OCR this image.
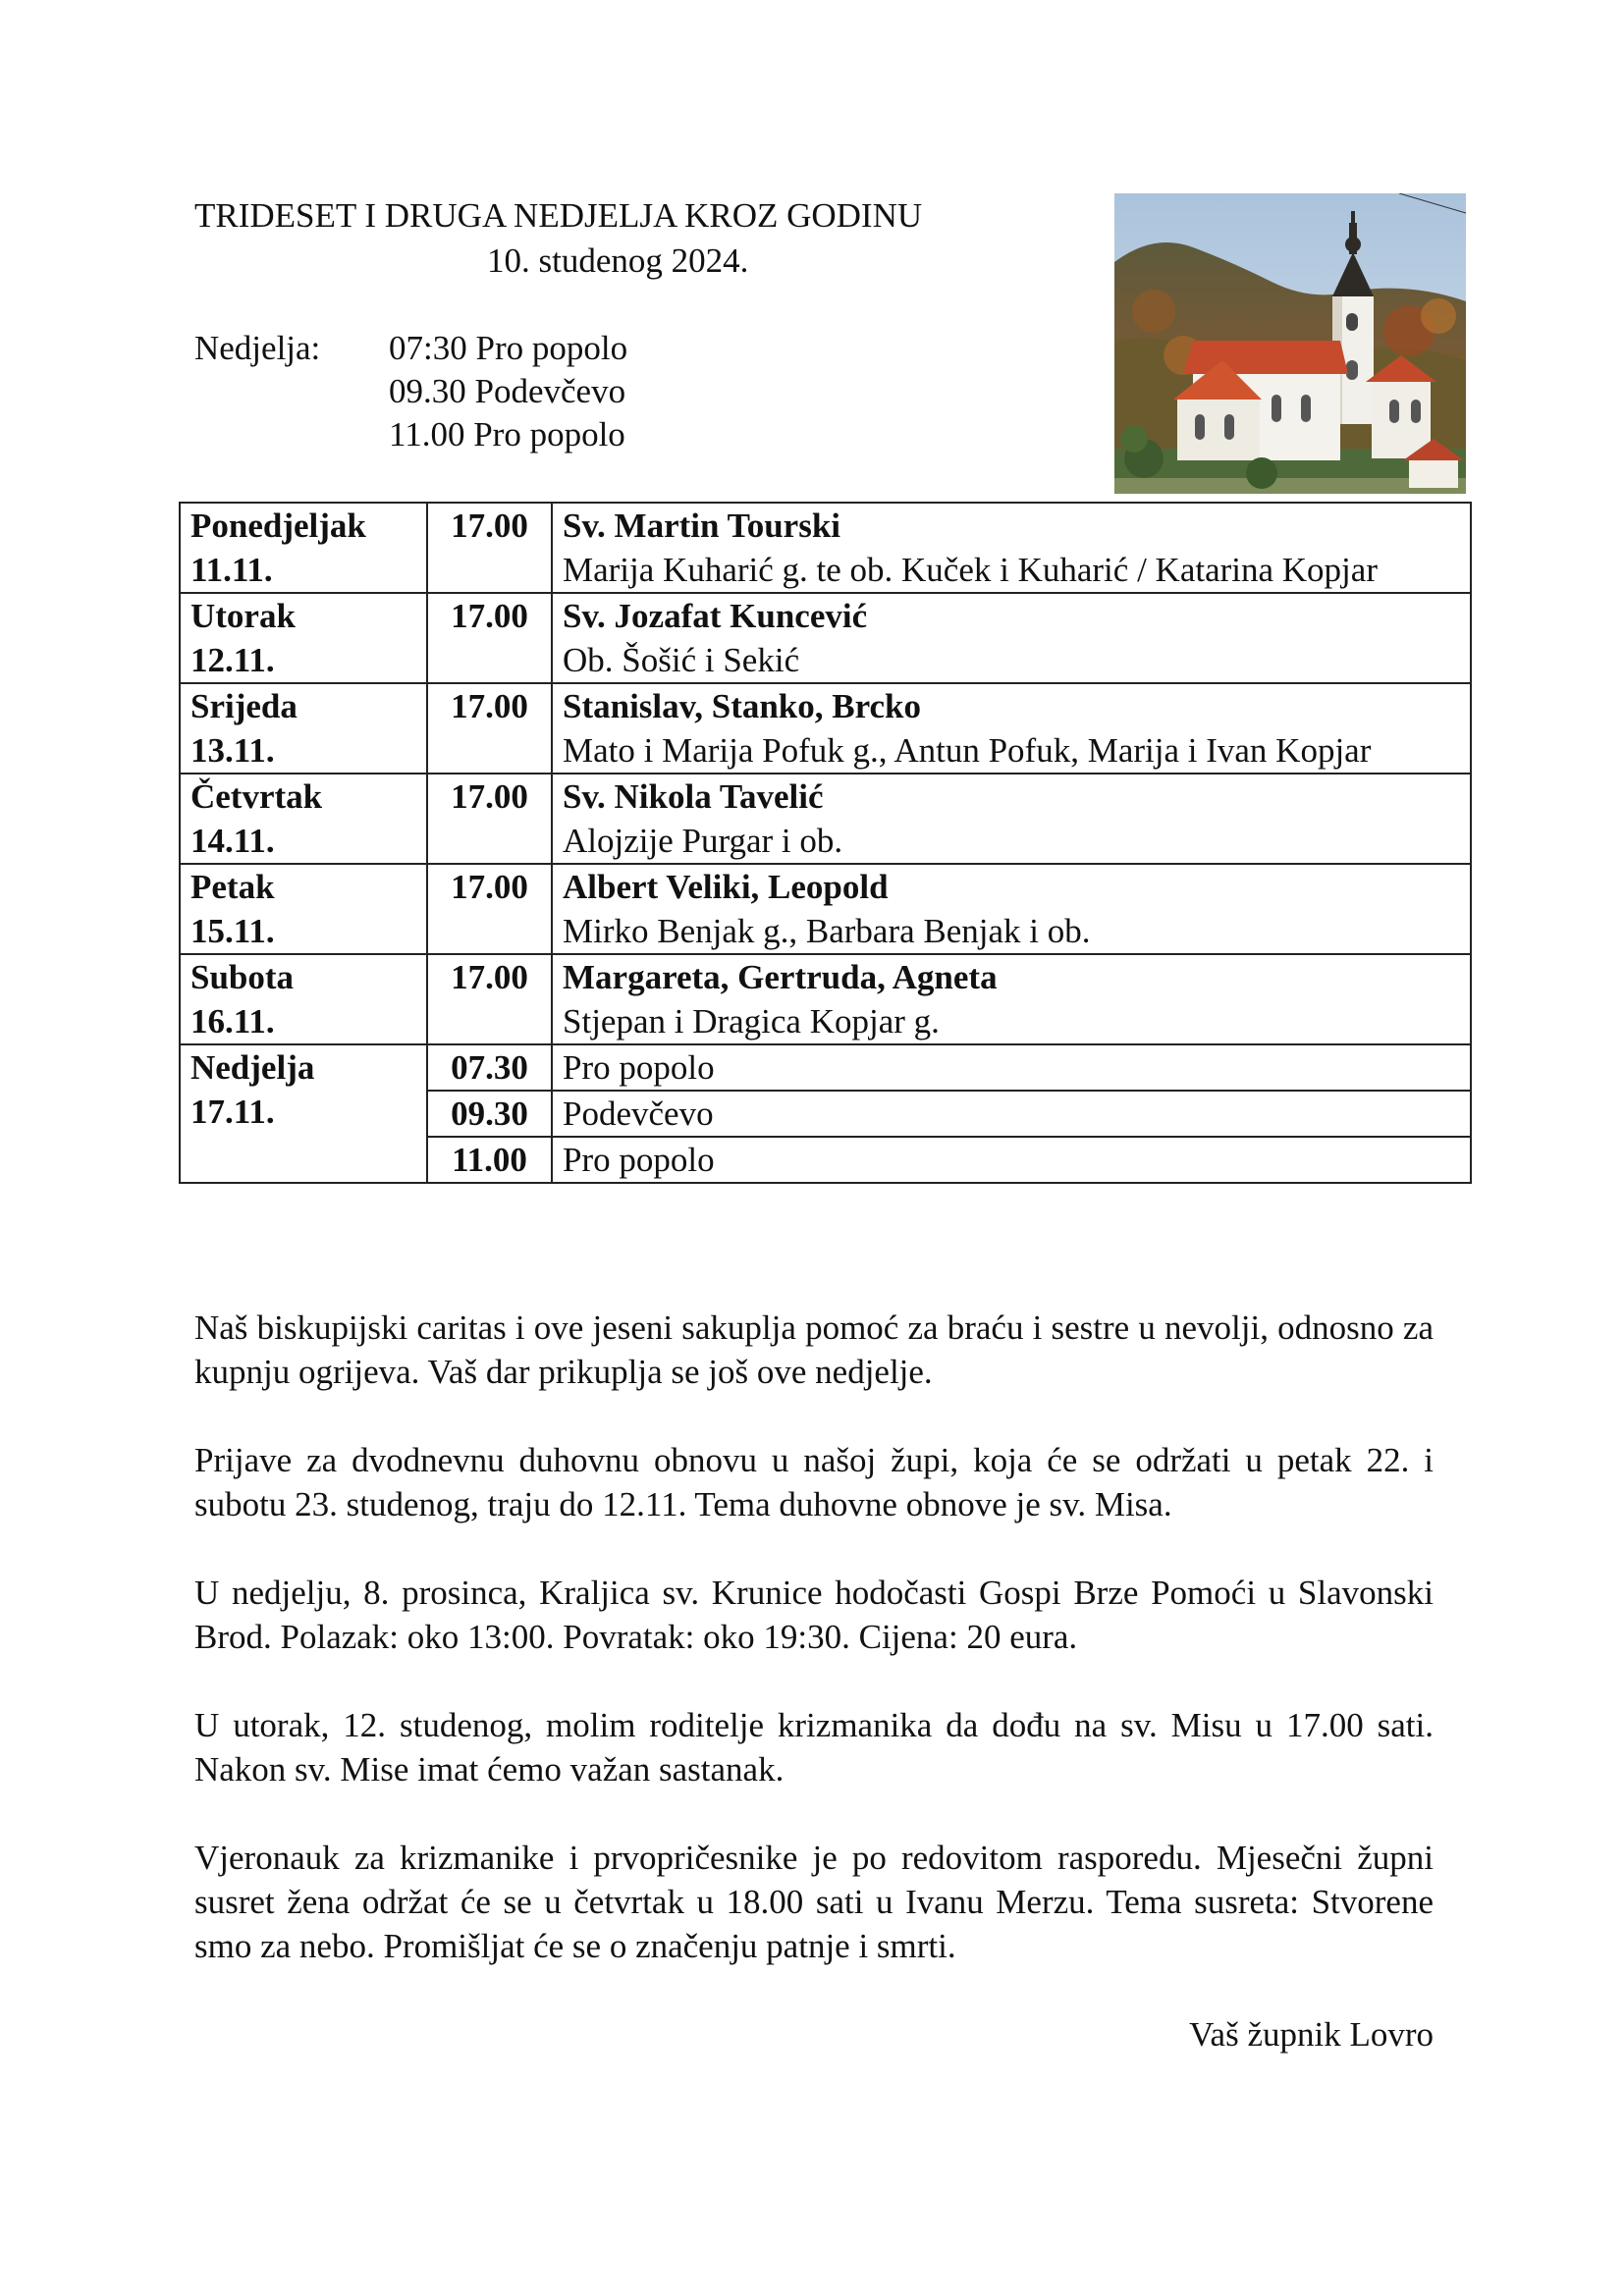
TRIDESET I DRUGA NEDJELJA KROZ GODINU
10. studenog 2024.
Nedjelja: 07:30 Pro popolo
09.30 Podevčevo
11.00 Pro popolo
Ponedjeljak
11.11.	17.00	Sv. Martin Tourski
Marija Kuharić g. te ob. Kuček i Kuharić / Katarina Kopjar

Utorak
12.11.	17.00	Sv. Jozafat Kuncević
Ob. Šošić i Sekić

Srijeda
13.11.	17.00	Stanislav, Stanko, Brcko
Mato i Marija Pofuk g., Antun Pofuk, Marija i Ivan Kopjar

Četvrtak
14.11.	17.00	Sv. Nikola Tavelić
Alojzije Purgar i ob.

Petak
15.11.	17.00	Albert Veliki, Leopold
Mirko Benjak g., Barbara Benjak i ob.

Subota
16.11.	17.00	Margareta, Gertruda, Agneta
Stjepan i Dragica Kopjar g.

Nedjelja
17.11.	07.30	Pro popolo
	09.30	Podevčevo
	11.00	Pro popolo

Naš biskupijski caritas i ove jeseni sakuplja pomoć za braću i sestre u nevolji, odnosno za kupnju ogrijeva. Vaš dar prikuplja se još ove nedjelje.

Prijave za dvodnevnu duhovnu obnovu u našoj župi, koja će se održati u petak 22. i subotu 23. studenog, traju do 12.11. Tema duhovne obnove je sv. Misa.

U nedjelju, 8. prosinca, Kraljica sv. Krunice hodočasti Gospi Brze Pomoći u Slavonski Brod. Polazak: oko 13:00. Povratak: oko 19:30. Cijena: 20 eura.

U utorak, 12. studenog, molim roditelje krizmanika da dođu na sv. Misu u 17.00 sati. Nakon sv. Mise imat ćemo važan sastanak.

Vjeronauk za krizmanike i prvopričesnike je po redovitom rasporedu. Mjesečni župni susret žena održat će se u četvrtak u 18.00 sati u Ivanu Merzu. Tema susreta: Stvorene smo za nebo. Promišljat će se o značenju patnje i smrti.

Vaš župnik Lovro
